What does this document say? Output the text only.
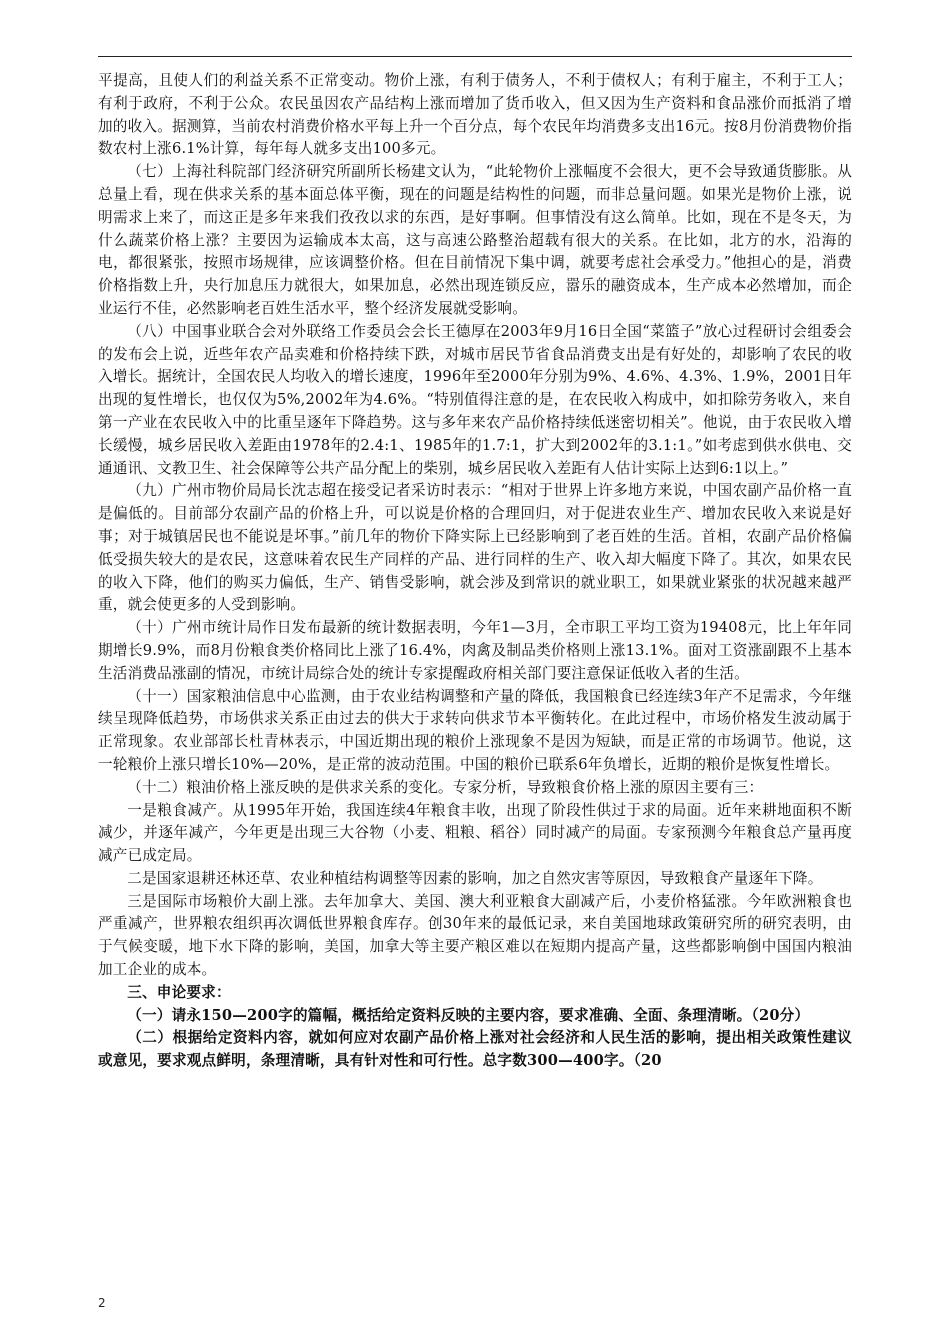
平提高，且使人们的利益关系不正常变动。物价上涨，有利于债务人，不利于债权人；有利于雇主，不利于工人；有利于政府，不利于公众。农民虽因农产品结构上涨而增加了货币收入，但又因为生产资料和食品涨价而抵消了增加的收入。据测算，当前农村消费价格水平每上升一个百分点，每个农民年均消费多支出16元。按8月份消费物价指数农村上涨6.1%计算，每年每人就多支出100多元。

（七）上海社科院部门经济研究所副所长杨建文认为，“此轮物价上涨幅度不会很大，更不会导致通货膨胀。从总量上看，现在供求关系的基本面总体平衡，现在的问题是结构性的问题，而非总量问题。如果光是物价上涨，说明需求上来了，而这正是多年来我们孜孜以求的东西，是好事啊。但事情没有这么简单。比如，现在不是冬天，为什么蔬菜价格上涨？主要因为运输成本太高，这与高速公路整治超载有很大的关系。在比如，北方的水，沿海的电，都很紧张，按照市场规律，应该调整价格。但在目前情况下集中调，就要考虑社会承受力。”他担心的是，消费价格指数上升，央行加息压力就很大，如果加息，必然出现连锁反应，嚣乐的融资成本，生产成本必然增加，而企业运行不佳，必然影响老百姓生活水平，整个经济发展就受影响。

（八）中国事业联合会对外联络工作委员会会长王德厚在2003年9月16日全国“菜篮子”放心过程研讨会组委会的发布会上说，近些年农产品卖难和价格持续下跌，对城市居民节省食品消费支出是有好处的，却影响了农民的收入增长。据统计，全国农民人均收入的增长速度，1996年至2000年分别为9%、4.6%、4.3%、1.9%，2001日年出现的复性增长，也仅仅为5%,2002年为4.6%。“特别值得注意的是，在农民收入构成中，如扣除劳务收入，来自第一产业在农民收入中的比重呈逐年下降趋势。这与多年来农产品价格持续低迷密切相关”。他说，由于农民收入增长缓慢，城乡居民收入差距由1978年的2.4:1、1985年的1.7:1，扩大到2002年的3.1:1。”如考虑到供水供电、交通通讯、文教卫生、社会保障等公共产品分配上的柴别，城乡居民收入差距有人估计实际上达到6:1以上。”

（九）广州市物价局局长沈志超在接受记者采访时表示：“相对于世界上许多地方来说，中国农副产品价格一直是偏低的。目前部分农副产品的价格上升，可以说是价格的合理回归，对于促进农业生产、增加农民收入来说是好事；对于城镇居民也不能说是坏事。”前几年的物价下降实际上已经影响到了老百姓的生活。首相，农副产品价格偏低受损失较大的是农民，这意味着农民生产同样的产品、进行同样的生产、收入却大幅度下降了。其次，如果农民的收入下降，他们的购买力偏低，生产、销售受影响，就会涉及到常识的就业职工，如果就业紧张的状况越来越严重，就会使更多的人受到影响。

（十）广州市统计局作日发布最新的统计数据表明，今年1—3月，全市职工平均工资为19408元，比上年年同期增长9.9%，而8月份粮食类价格同比上涨了16.4%，肉禽及制品类价格则上涨13.1%。面对工资涨副跟不上基本生活消费品涨副的情况，市统计局综合处的统计专家提醒政府相关部门要注意保证低收入者的生活。

（十一）国家粮油信息中心监测，由于农业结构调整和产量的降低，我国粮食已经连续3年产不足需求，今年继续呈现降低趋势，市场供求关系正由过去的供大于求转向供求节本平衡转化。在此过程中，市场价格发生波动属于正常现象。农业部部长杜青林表示，中国近期出现的粮价上涨现象不是因为短缺，而是正常的市场调节。他说，这一轮粮价上涨只增长10%—20%，是正常的波动范围。中国的粮价已联系6年负增长，近期的粮价是恢复性增长。

（十二）粮油价格上涨反映的是供求关系的变化。专家分析，导致粮食价格上涨的原因主要有三：

一是粮食减产。从1995年开始，我国连续4年粮食丰收，出现了阶段性供过于求的局面。近年来耕地面积不断减少，并逐年减产，今年更是出现三大谷物（小麦、粗粮、稻谷）同时减产的局面。专家预测今年粮食总产量再度减产已成定局。

二是国家退耕还林还草、农业种植结构调整等因素的影响，加之自然灾害等原因，导致粮食产量逐年下降。

三是国际市场粮价大副上涨。去年加拿大、美国、澳大利亚粮食大副减产后，小麦价格猛涨。今年欧洲粮食也严重减产，世界粮农组织再次调低世界粮食库存。创30年来的最低记录，来自美国地球政策研究所的研究表明，由于气候变暖，地下水下降的影响，美国，加拿大等主要产粮区难以在短期内提高产量，这些都影响倒中国国内粮油加工企业的成本。

三、申论要求：

（一）请永150—200字的篇幅，概括给定资料反映的主要内容，要求准确、全面、条理清晰。（20分）

（二）根据给定资料内容，就如何应对农副产品价格上涨对社会经济和人民生活的影响，提出相关政策性建议或意见，要求观点鲜明，条理清晰，具有针对性和可行性。总字数300—400字。（20

2
